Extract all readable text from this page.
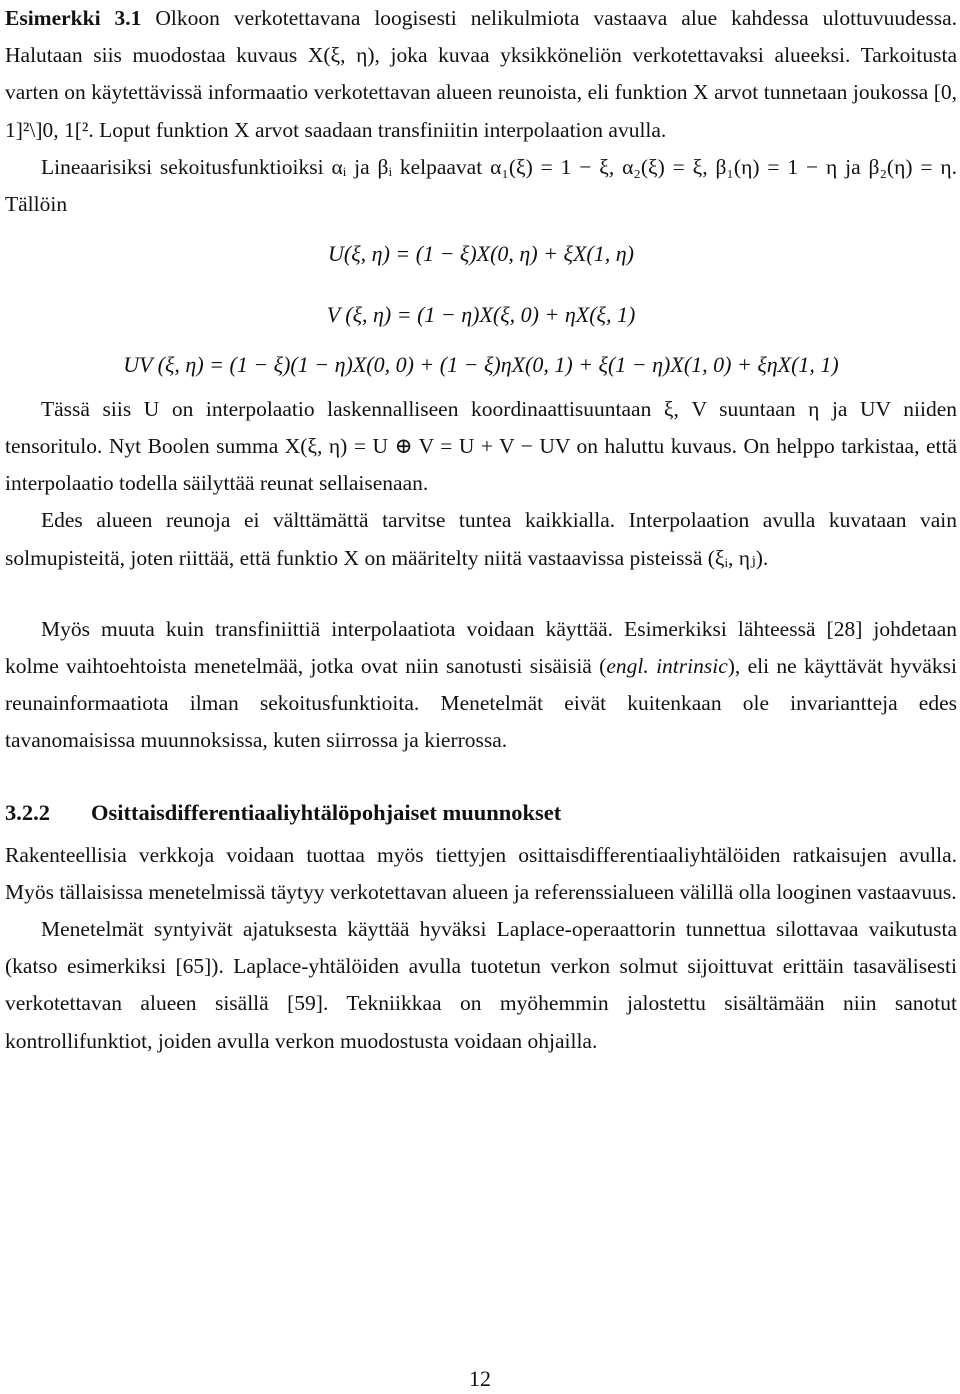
Esimerkki 3.1 Olkoon verkotettavana loogisesti nelikulmiota vastaava alue kahdessa ulottuvuudessa. Halutaan siis muodostaa kuvaus X(ξ, η), joka kuvaa yksikköneliön verkotettavaksi alueeksi. Tarkoitusta varten on käytettävissä informaatio verkotettavan alueen reunoista, eli funktion X arvot tunnetaan joukossa [0, 1]²\]0, 1[². Loput funktion X arvot saadaan transfiniitin interpolaation avulla.

Lineaarisiksi sekoitusfunktioiksi αᵢ ja βᵢ kelpaavat α₁(ξ) = 1 − ξ, α₂(ξ) = ξ, β₁(η) = 1 − η ja β₂(η) = η. Tällöin

U(ξ, η) = (1 − ξ)X(0, η) + ξX(1, η)

V (ξ, η) = (1 − η)X(ξ, 0) + ηX(ξ, 1)

UV (ξ, η) = (1 − ξ)(1 − η)X(0, 0) + (1 − ξ)ηX(0, 1) + ξ(1 − η)X(1, 0) + ξηX(1, 1)

Tässä siis U on interpolaatio laskennalliseen koordinaattisuuntaan ξ, V suuntaan η ja UV niiden tensoritulo. Nyt Boolen summa X(ξ, η) = U ⊕ V = U + V − UV on haluttu kuvaus. On helppo tarkistaa, että interpolaatio todella säilyttää reunat sellaisenaan.

Edes alueen reunoja ei välttämättä tarvitse tuntea kaikkialla. Interpolaation avulla kuvataan vain solmupisteitä, joten riittää, että funktio X on määritelty niitä vastaavissa pisteissä (ξᵢ, ηⱼ).

Myös muuta kuin transfiniittiä interpolaatiota voidaan käyttää. Esimerkiksi lähteessä [28] johdetaan kolme vaihtoehtoista menetelmää, jotka ovat niin sanotusti sisäisiä (engl. intrinsic), eli ne käyttävät hyväksi reunainformaatiota ilman sekoitusfunktioita. Menetelmät eivät kuitenkaan ole invariantteja edes tavanomaisissa muunnoksissa, kuten siirrossa ja kierrossa.

3.2.2 Osittaisdifferentiaaliyhtälöpohjaiset muunnokset

Rakenteellisia verkkoja voidaan tuottaa myös tiettyjen osittaisdifferentiaaliyhtälöiden ratkaisujen avulla. Myös tällaisissa menetelmissä täytyy verkotettavan alueen ja referenssialueen välillä olla looginen vastaavuus.

Menetelmät syntyivät ajatuksesta käyttää hyväksi Laplace-operaattorin tunnettua silottavaa vaikutusta (katso esimerkiksi [65]). Laplace-yhtälöiden avulla tuotetun verkon solmut sijoittuvat erittäin tasavälisesti verkotettavan alueen sisällä [59]. Tekniikkaa on myöhemmin jalostettu sisältämään niin sanotut kontrollifunktiot, joiden avulla verkon muodostusta voidaan ohjailla.

12
